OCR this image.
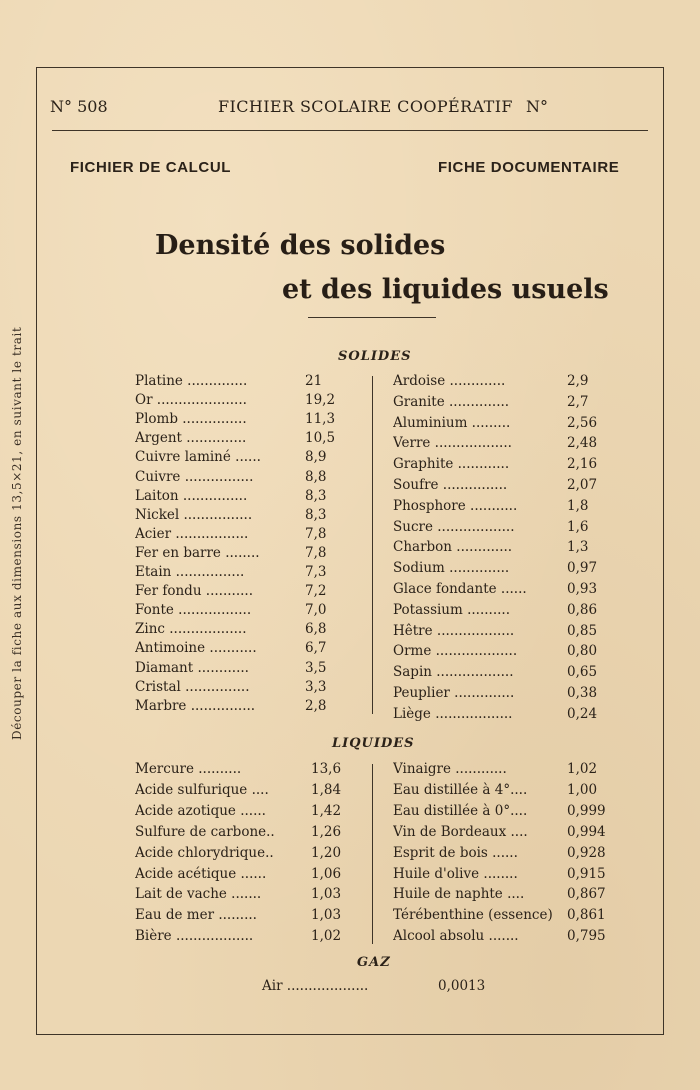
Découper la fiche aux dimensions 13,5×21, en suivant le trait
N° 508	FICHIER SCOLAIRE COOPÉRATIF N°
FICHIER DE CALCUL	FICHE DOCUMENTAIRE
Densité des solides
et des liquides usuels
SOLIDES
Platine ..............	21
Or .....................	19,2
Plomb ...............	11,3
Argent ..............	10,5
Cuivre laminé ......	8,9
Cuivre ................	8,8
Laiton ...............	8,3
Nickel ................	8,3
Acier .................	7,8
Fer en barre ........	7,8
Etain ................	7,3
Fer fondu ...........	7,2
Fonte .................	7,0
Zinc ..................	6,8
Antimoine ...........	6,7
Diamant ............	3,5
Cristal ...............	3,3
Marbre ...............	2,8
Ardoise .............	2,9
Granite ..............	2,7
Aluminium .........	2,56
Verre ..................	2,48
Graphite ............	2,16
Soufre ...............	2,07
Phosphore ...........	1,8
Sucre ..................	1,6
Charbon .............	1,3
Sodium ..............	0,97
Glace fondante ......	0,93
Potassium ..........	0,86
Hêtre ..................	0,85
Orme ...................	0,80
Sapin ..................	0,65
Peuplier ..............	0,38
Liège ..................	0,24
LIQUIDES
Mercure ..........	13,6
Acide sulfurique ....	1,84
Acide azotique ......	1,42
Sulfure de carbone..	1,26
Acide chlorydrique..	1,20
Acide acétique ......	1,06
Lait de vache .......	1,03
Eau de mer .........	1,03
Bière ..................	1,02
Vinaigre ............	1,02
Eau distillée à 4°....	1,00
Eau distillée à 0°....	0,999
Vin de Bordeaux ....	0,994
Esprit de bois ......	0,928
Huile d'olive ........	0,915
Huile de naphte ....	0,867
Térébenthine (essence) 0,861
Alcool absolu .......	0,795
GAZ
Air ...................	0,0013
